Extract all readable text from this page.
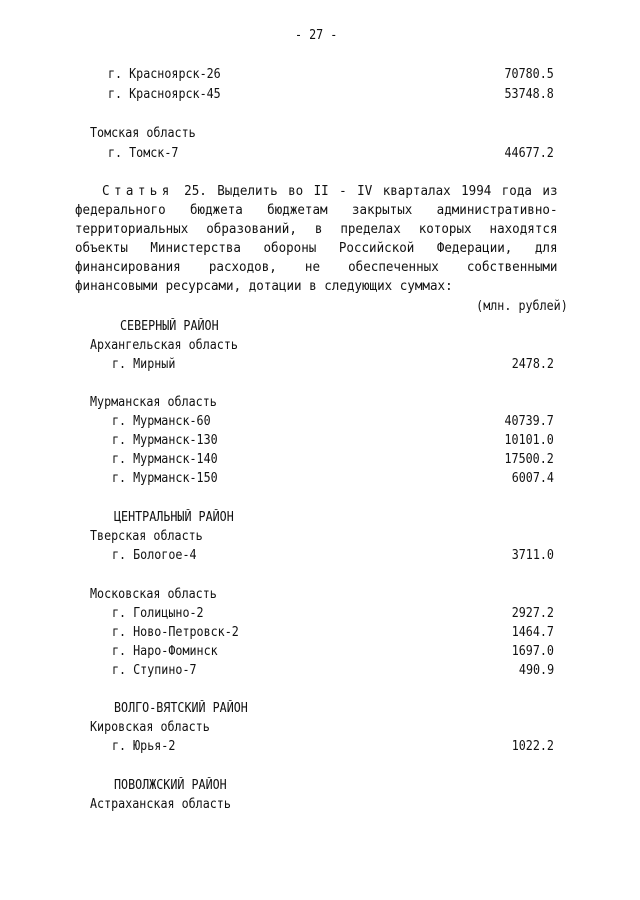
- 27 -
г. Красноярск-26	70780.5
г. Красноярск-45	53748.8
Томская область
г. Томск-7	44677.2
Статья 25. Выделить во II - IV кварталах 1994 года из федерального бюджета бюджетам закрытых административно-территориальных образований, в пределах которых находятся объекты Министерства обороны Российской Федерации, для финансирования расходов, не обеспеченных собственными финансовыми ресурсами, дотации в следующих суммах:
(млн. рублей)
СЕВЕРНЫЙ РАЙОН
Архангельская область
г. Мирный	2478.2
Мурманская область
г. Мурманск-60	40739.7
г. Мурманск-130	10101.0
г. Мурманск-140	17500.2
г. Мурманск-150	6007.4
ЦЕНТРАЛЬНЫЙ РАЙОН
Тверская область
г. Бологое-4	3711.0
Московская область
г. Голицыно-2	2927.2
г. Ново-Петровск-2	1464.7
г. Наро-Фоминск	1697.0
г. Ступино-7	490.9
ВОЛГО-ВЯТСКИЙ РАЙОН
Кировская область
г. Юрья-2	1022.2
ПОВОЛЖСКИЙ РАЙОН
Астраханская область
